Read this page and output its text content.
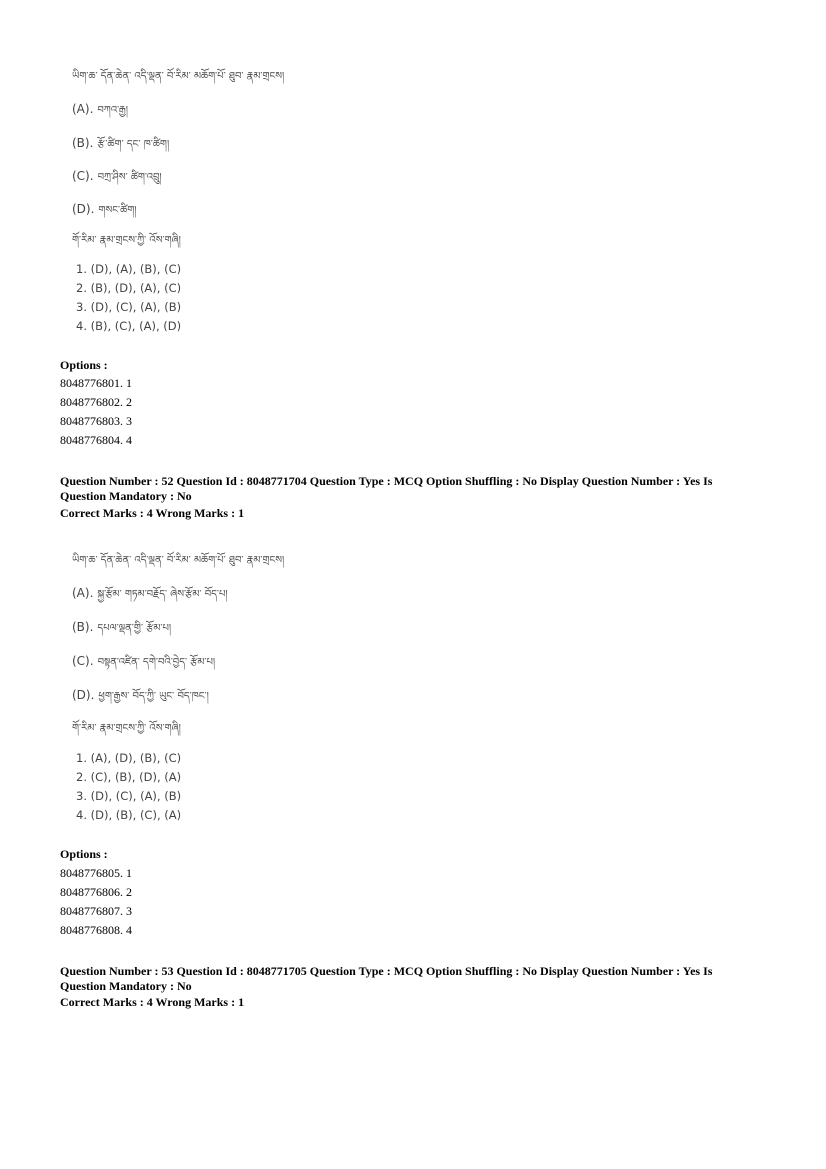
ཡིག་ཆ་ དོན་ཆེན་ འདི་ལྡན་ བོ་རིམ་ མཆོག་པོ་ ཐུབ་ རྣམ་གྲངས།
(A). བཀའ་རྒྱ།
(B). རྩོ་ཚིག་ དང་ ཁ་ཚིག།
(C). བཀྲ་ཤིས་ ཚིག་འབྲུ།
(D). གསང་ཚིག།
གོ་རིམ་ རྣམ་གྲངས་ཀྱི་ འོས་གཞི།
1. (D), (A), (B), (C)
2. (B), (D), (A), (C)
3. (D), (C), (A), (B)
4. (B), (C), (A), (D)
Options :
8048776801. 1
8048776802. 2
8048776803. 3
8048776804. 4
Question Number : 52 Question Id : 8048771704 Question Type : MCQ Option Shuffling : No Display Question Number : Yes Is Question Mandatory : No
Correct Marks : 4 Wrong Marks : 1
ཡིག་ཆ་ དོན་ཆེན་ འདི་ལྡན་ བོ་རིམ་ མཆོག་པོ་ ཐུབ་ རྣམ་གྲངས།
(A). སྐྱ་རྩོམ་ གཏམ་བརྗོད་ ཞེས་རྩོམ་ བོད་པ།
(B). དཔལ་ལྡན་གྱི་ རྩོམ་པ།
(C). བསྟན་འཛིན་ དགེ་བའི་བྱེད་ རྩོམ་པ།
(D). ཕྱག་རྒྱས་ བོད་ཀྱི་ ཡུང་ བོད་ཁང་།
གོ་རིམ་ རྣམ་གྲངས་ཀྱི་ འོས་གཞི།
1. (A), (D), (B), (C)
2. (C), (B), (D), (A)
3. (D), (C), (A), (B)
4. (D), (B), (C), (A)
Options :
8048776805. 1
8048776806. 2
8048776807. 3
8048776808. 4
Question Number : 53 Question Id : 8048771705 Question Type : MCQ Option Shuffling : No Display Question Number : Yes Is Question Mandatory : No
Correct Marks : 4 Wrong Marks : 1
